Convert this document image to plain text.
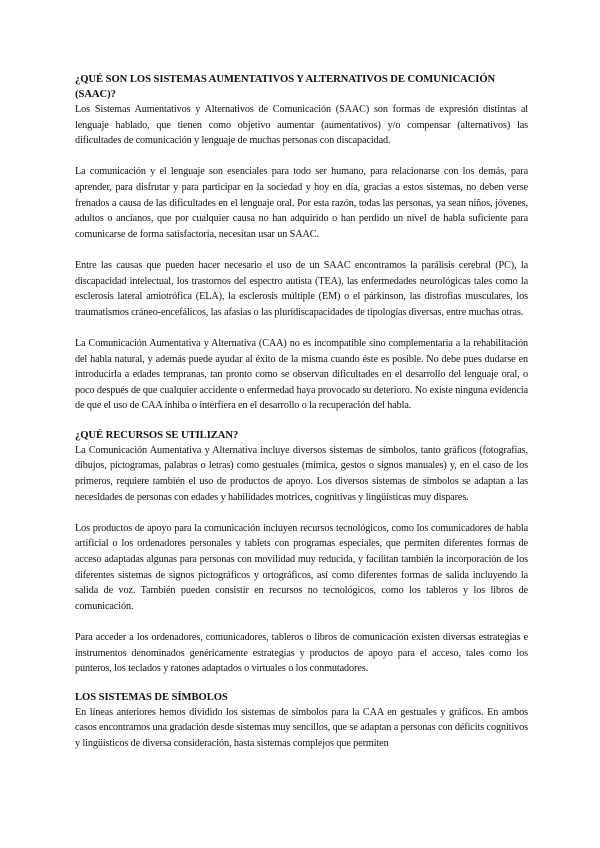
¿QUÉ SON LOS SISTEMAS AUMENTATIVOS Y ALTERNATIVOS DE COMUNICACIÓN (SAAC)?

Los Sistemas Aumentativos y Alternativos de Comunicación (SAAC) son formas de expresión distintas al lenguaje hablado, que tienen como objetivo aumentar (aumentativos) y/o compensar (alternativos) las dificultades de comunicación y lenguaje de muchas personas con discapacidad.

La comunicación y el lenguaje son esenciales para todo ser humano, para relacionarse con los demás, para aprender, para disfrutar y para participar en la sociedad y hoy en día, gracias a estos sistemas, no deben verse frenados a causa de las dificultades en el lenguaje oral. Por esta razón, todas las personas, ya sean niños, jóvenes, adultos o ancianos, que por cualquier causa no han adquirido o han perdido un nivel de habla suficiente para comunicarse de forma satisfactoria, necesitan usar un SAAC.

Entre las causas que pueden hacer necesario el uso de un SAAC encontramos la parálisis cerebral (PC), la discapacidad intelectual, los trastornos del espectro autista (TEA), las enfermedades neurológicas tales como la esclerosis lateral amiotrófica (ELA), la esclerosis múltiple (EM) o el párkinson, las distrofias musculares, los traumatismos cráneo-encefálicos, las afasias o las pluridiscapacidades de tipologías diversas, entre muchas otras.

La Comunicación Aumentativa y Alternativa (CAA) no es incompatible sino complementaria a la rehabilitación del habla natural, y además puede ayudar al éxito de la misma cuando éste es posible. No debe pues dudarse en introducirla a edades tempranas, tan pronto como se observan dificultades en el desarrollo del lenguaje oral, o poco después de que cualquier accidente o enfermedad haya provocado su deterioro. No existe ninguna evidencia de que el uso de CAA inhiba o interfiera en el desarrollo o la recuperación del habla.

¿QUÉ RECURSOS SE UTILIZAN?

La Comunicación Aumentativa y Alternativa incluye diversos sistemas de símbolos, tanto gráficos (fotografías, dibujos, pictogramas, palabras o letras) como gestuales (mímica, gestos o signos manuales) y, en el caso de los primeros, requiere también el uso de productos de apoyo. Los diversos sistemas de símbolos se adaptan a las necesidades de personas con edades y habilidades motrices, cognitivas y lingüísticas muy dispares.

Los productos de apoyo para la comunicación incluyen recursos tecnológicos, como los comunicadores de habla artificial o los ordenadores personales y tablets con programas especiales, que permiten diferentes formas de acceso adaptadas algunas para personas con movilidad muy reducida, y facilitan también la incorporación de los diferentes sistemas de signos pictográficos y ortográficos, así como diferentes formas de salida incluyendo la salida de voz. También pueden consistir en recursos no tecnológicos, como los tableros y los libros de comunicación.

Para acceder a los ordenadores, comunicadores, tableros o libros de comunicación existen diversas estrategias e instrumentos denominados genéricamente estrategias y productos de apoyo para el acceso, tales como los punteros, los teclados y ratones adaptados o virtuales o los conmutadores.

LOS SISTEMAS DE SÍMBOLOS

En líneas anteriores hemos dividido los sistemas de símbolos para la CAA en gestuales y gráficos. En ambos casos encontramos una gradación desde sistemas muy sencillos, que se adaptan a personas con déficits cognitivos y lingüísticos de diversa consideración, hasta sistemas complejos que permiten
